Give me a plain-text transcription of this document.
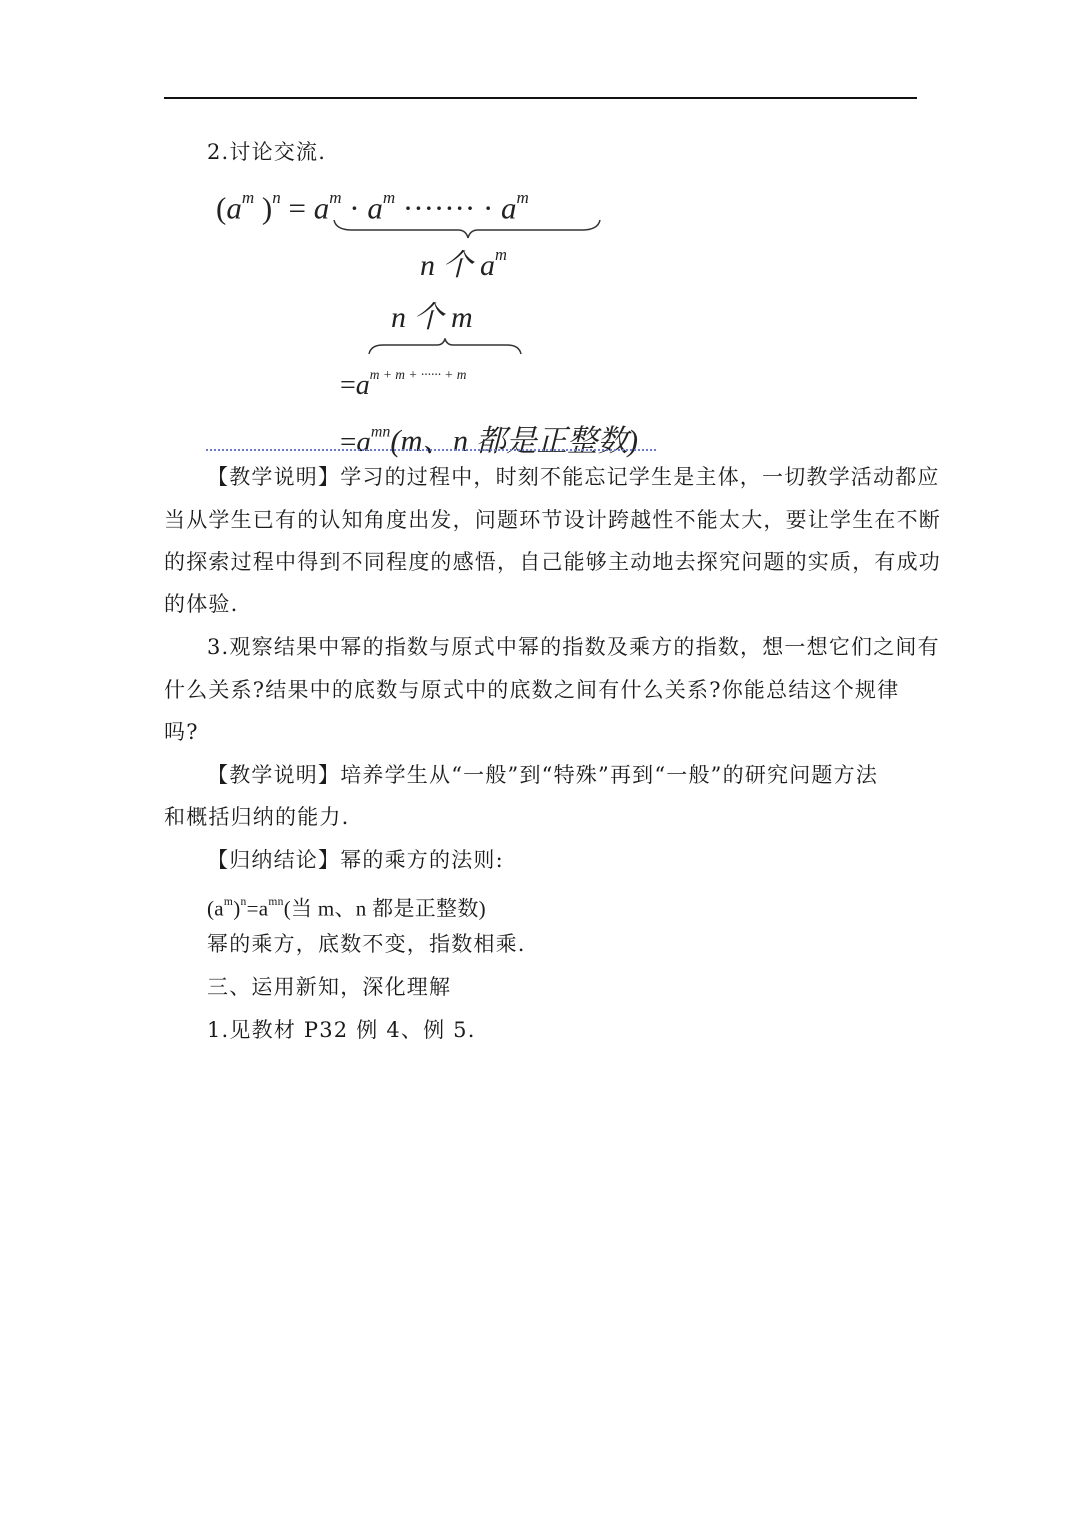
2.讨论交流.
($a^m$ )$^n = a^m \cdot a^m$ ······· · $a^m$
n 个 $a^m$
n 个 m
$=a^{m + m + \cdot\cdot\cdot\cdot\cdot\cdot + m}$
$=a^{mn}(m$、n 都是正整数)
【教学说明】学习的过程中，时刻不能忘记学生是主体，一切教学活动都应
当从学生已有的认知角度出发，问题环节设计跨越性不能太大，要让学生在不断
的探索过程中得到不同程度的感悟，自己能够主动地去探究问题的实质，有成功
的体验.
3.观察结果中幂的指数与原式中幂的指数及乘方的指数，想一想它们之间有
什么关系?结果中的底数与原式中的底数之间有什么关系?你能总结这个规律
吗?
【教学说明】培养学生从“一般”到“特殊”再到“一般”的研究问题方法
和概括归纳的能力.
【归纳结论】幂的乘方的法则:
$(a^m)^n=a^{mn}$(当 m、n 都是正整数)
幂的乘方，底数不变，指数相乘.
三、运用新知，深化理解
1.见教材 P32 例 4、例 5.
